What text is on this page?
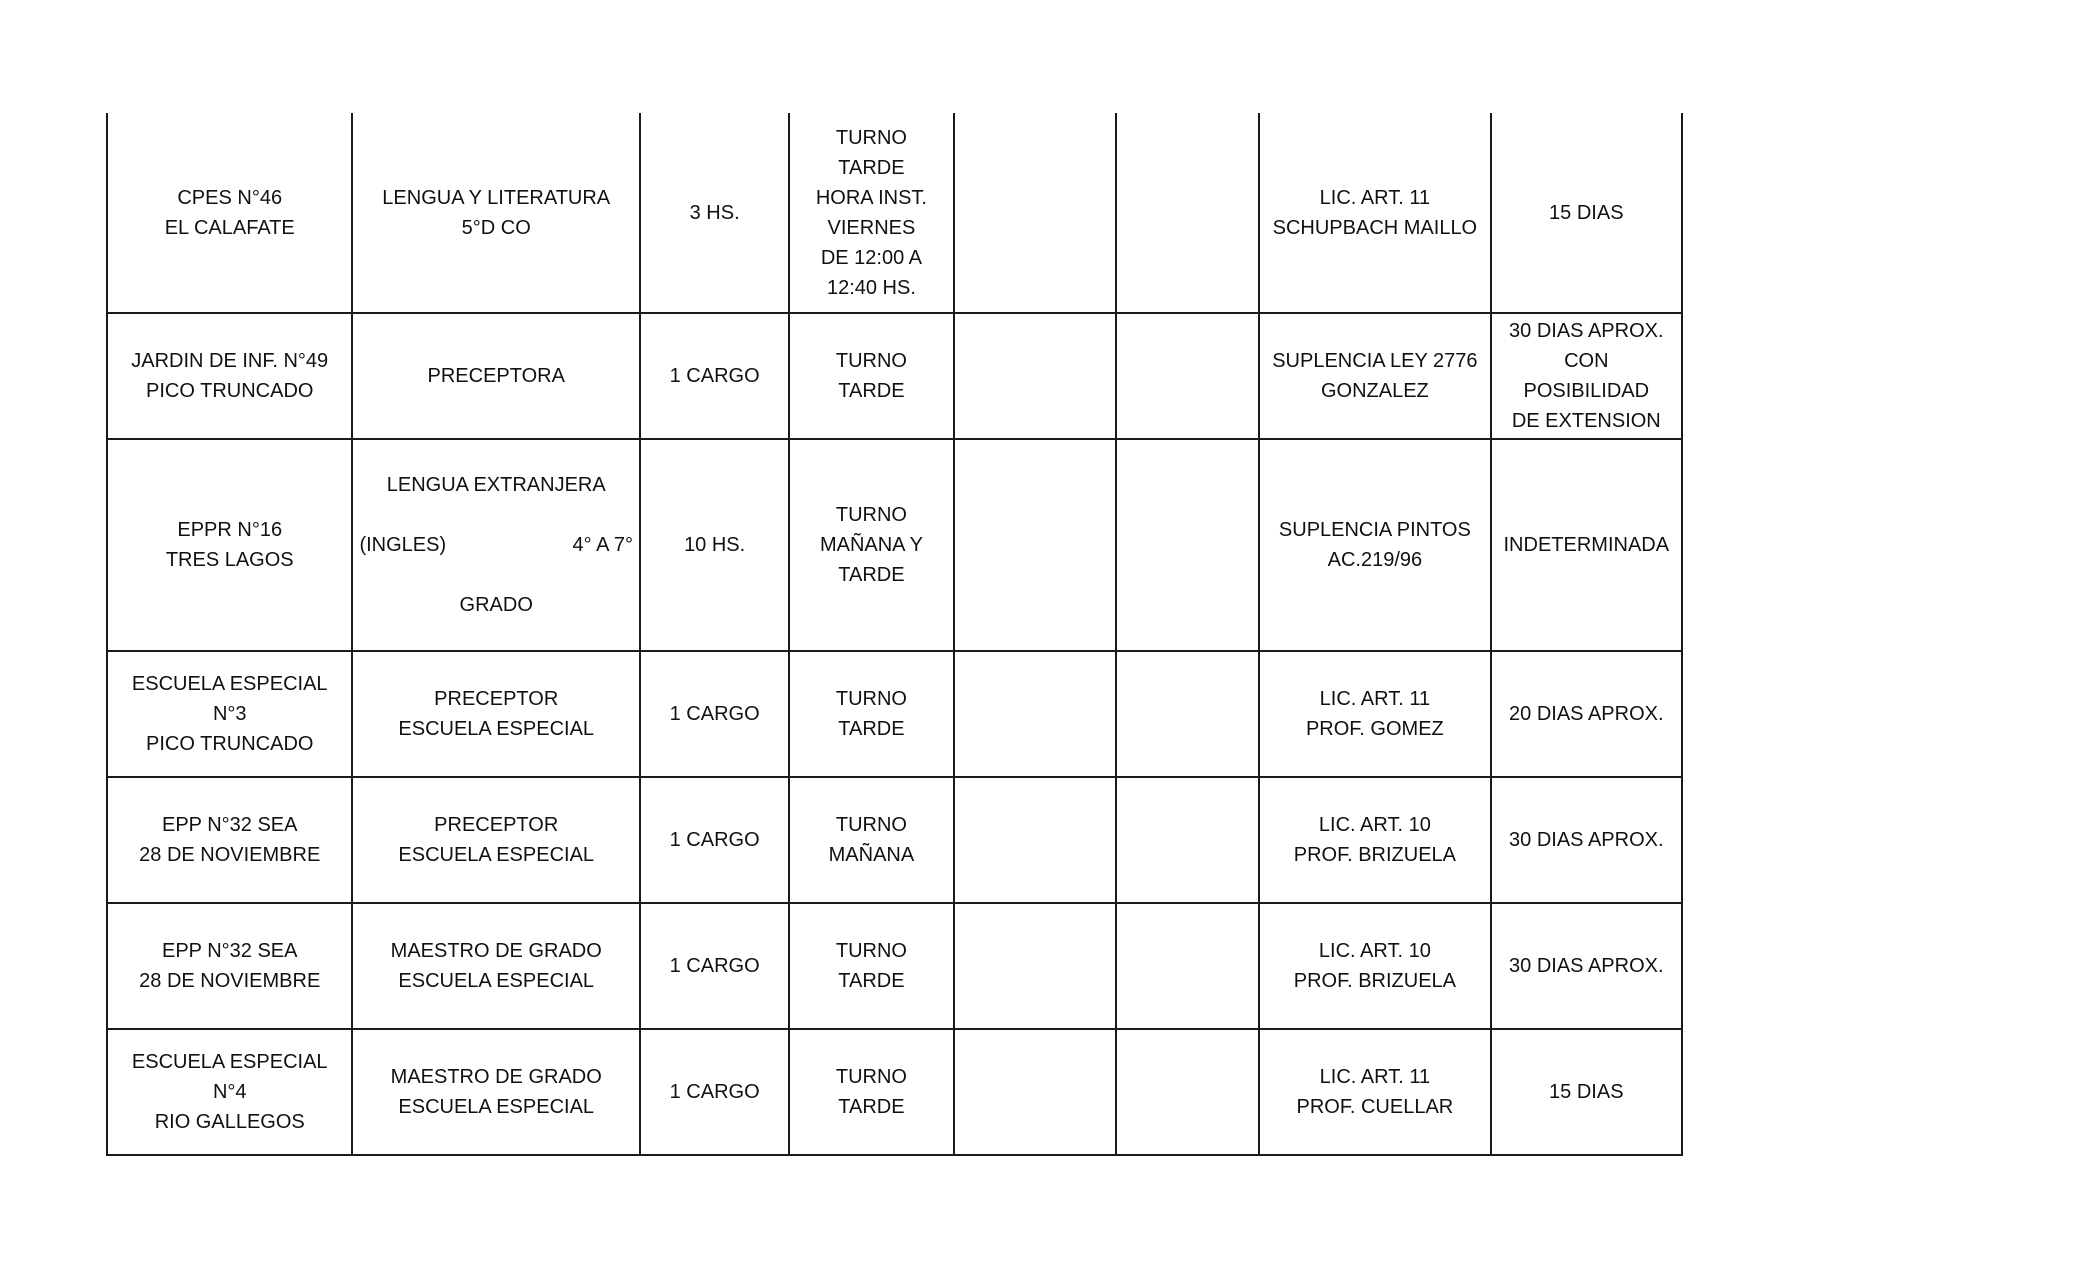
CPES N°46
EL CALAFATE	LENGUA Y LITERATURA
5°D CO	3 HS.	TURNO TARDE
HORA INST.
VIERNES
DE 12:00 A
12:40 HS.			LIC. ART. 11
SCHUPBACH MAILLO	15 DIAS
JARDIN DE INF. N°49
PICO TRUNCADO	PRECEPTORA	1 CARGO	TURNO TARDE			SUPLENCIA LEY 2776
GONZALEZ	30 DIAS APROX.
CON POSIBILIDAD
DE EXTENSION
EPPR N°16
TRES LAGOS	LENGUA EXTRANJERA

(INGLES) 4° A 7°

GRADO	10 HS.	TURNO
MAÑANA Y
TARDE			SUPLENCIA PINTOS
AC.219/96	INDETERMINADA
ESCUELA ESPECIAL N°3
PICO TRUNCADO	PRECEPTOR
ESCUELA ESPECIAL	1 CARGO	TURNO TARDE			LIC. ART. 11
PROF. GOMEZ	20 DIAS APROX.
EPP N°32 SEA
28 DE NOVIEMBRE	PRECEPTOR
ESCUELA ESPECIAL	1 CARGO	TURNO
MAÑANA			LIC. ART. 10
PROF. BRIZUELA	30 DIAS APROX.
EPP N°32 SEA
28 DE NOVIEMBRE	MAESTRO DE GRADO
ESCUELA ESPECIAL	1 CARGO	TURNO TARDE			LIC. ART. 10
PROF. BRIZUELA	30 DIAS APROX.
ESCUELA ESPECIAL N°4
RIO GALLEGOS	MAESTRO DE GRADO
ESCUELA ESPECIAL	1 CARGO	TURNO TARDE			LIC. ART. 11
PROF. CUELLAR	15 DIAS
